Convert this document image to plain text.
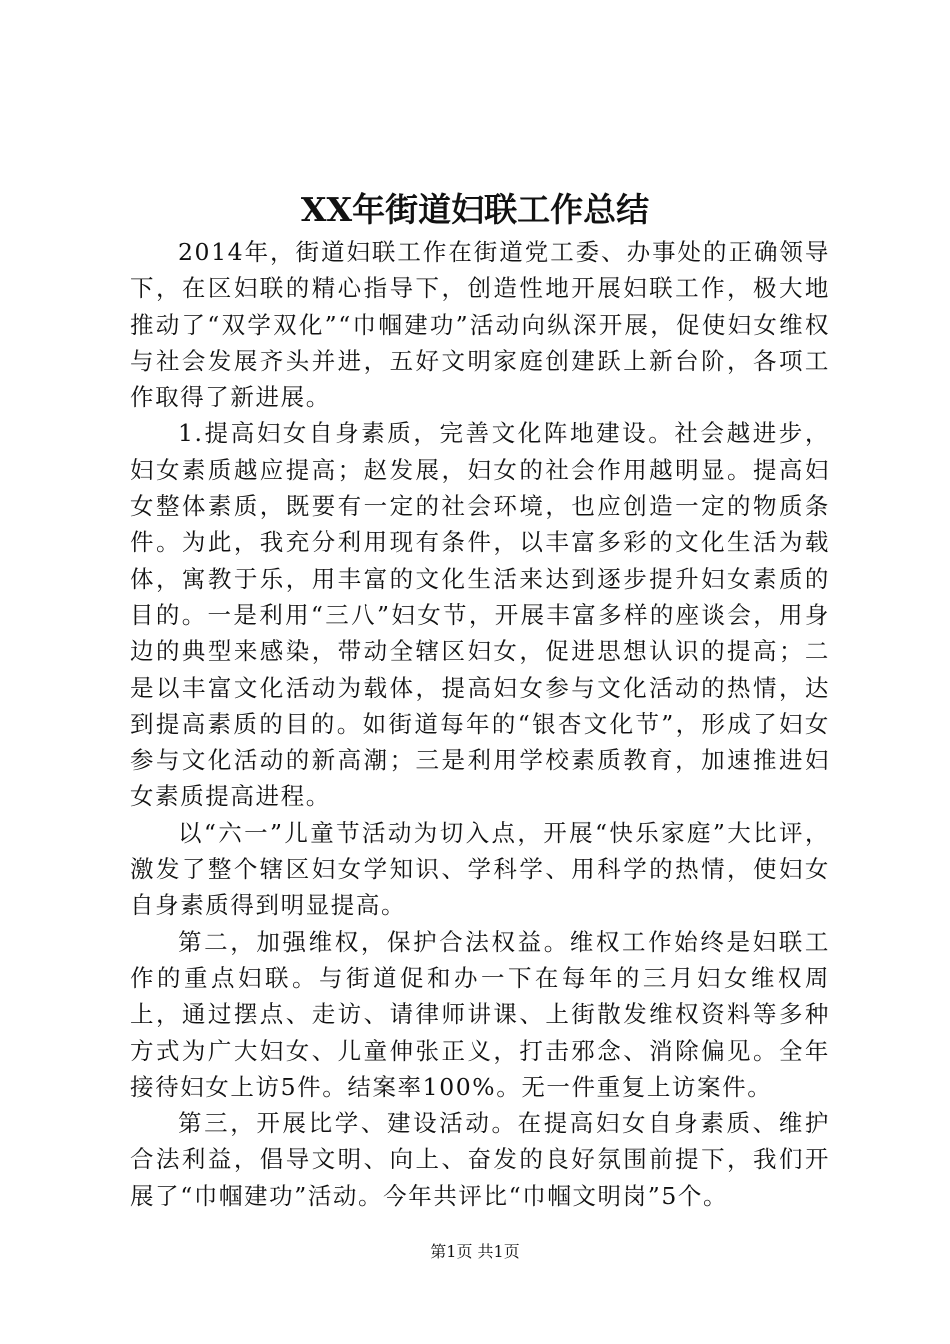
XX年街道妇联工作总结

2014年，街道妇联工作在街道党工委、办事处的正确领导下，在区妇联的精心指导下，创造性地开展妇联工作，极大地推动了“双学双化”“巾帼建功”活动向纵深开展，促使妇女维权与社会发展齐头并进，五好文明家庭创建跃上新台阶，各项工作取得了新进展。

1.提高妇女自身素质，完善文化阵地建设。社会越进步，妇女素质越应提高；赵发展，妇女的社会作用越明显。提高妇女整体素质，既要有一定的社会环境，也应创造一定的物质条件。为此，我充分利用现有条件，以丰富多彩的文化生活为载体，寓教于乐，用丰富的文化生活来达到逐步提升妇女素质的目的。一是利用“三八”妇女节，开展丰富多样的座谈会，用身边的典型来感染，带动全辖区妇女，促进思想认识的提高；二是以丰富文化活动为载体，提高妇女参与文化活动的热情，达到提高素质的目的。如街道每年的“银杏文化节”，形成了妇女参与文化活动的新高潮；三是利用学校素质教育，加速推进妇女素质提高进程。

以“六一”儿童节活动为切入点，开展“快乐家庭”大比评，激发了整个辖区妇女学知识、学科学、用科学的热情，使妇女自身素质得到明显提高。

第二，加强维权，保护合法权益。维权工作始终是妇联工作的重点妇联。与街道促和办一下在每年的三月妇女维权周上，通过摆点、走访、请律师讲课、上街散发维权资料等多种方式为广大妇女、儿童伸张正义，打击邪念、消除偏见。全年接待妇女上访5件。结案率100%。无一件重复上访案件。

第三，开展比学、建设活动。在提高妇女自身素质、维护合法利益，倡导文明、向上、奋发的良好氛围前提下，我们开展了“巾帼建功”活动。今年共评比“巾帼文明岗”5个。

第1页 共1页
